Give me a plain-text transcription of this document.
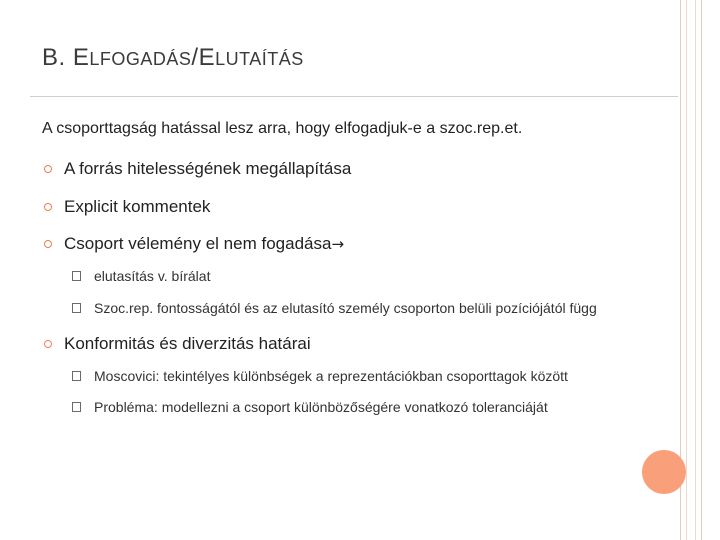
B. ELFOGADÁS/ELUTAÍTÁS
A csoporttagság hatással lesz arra, hogy elfogadjuk-e a szoc.rep.et.
A forrás hitelességének megállapítása
Explicit kommentek
Csoport vélemény el nem fogadása→
elutasítás v. bírálat
Szoc.rep. fontosságától és az elutasító személy csoporton belüli pozíciójától függ
Konformitás és diverzitás határai
Moscovici: tekintélyes különbségek a reprezentációkban csoporttagok között
Probléma: modellezni a csoport különbözőségére vonatkozó toleranciáját
